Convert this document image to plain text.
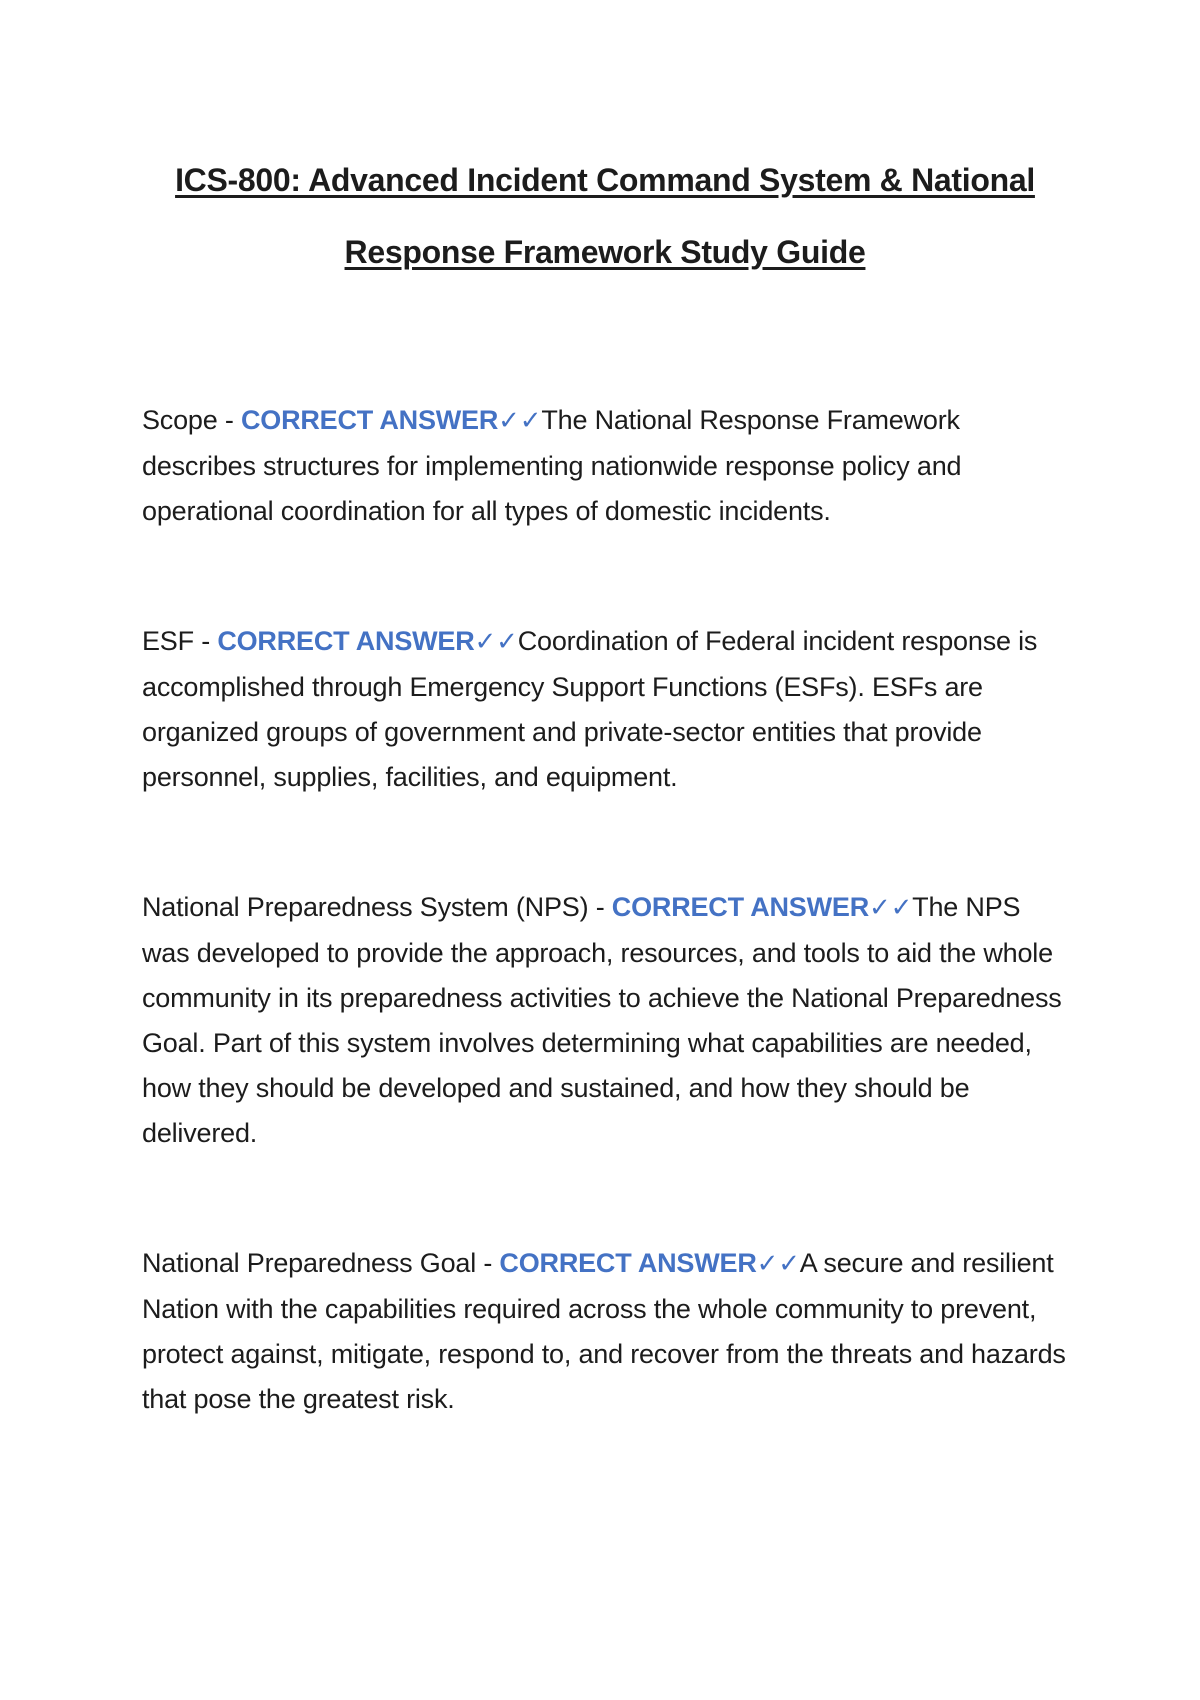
ICS-800: Advanced Incident Command System & National
Response Framework Study Guide

Scope - CORRECT ANSWER✓✓The National Response Framework describes structures for implementing nationwide response policy and operational coordination for all types of domestic incidents.

ESF - CORRECT ANSWER✓✓Coordination of Federal incident response is accomplished through Emergency Support Functions (ESFs). ESFs are organized groups of government and private-sector entities that provide personnel, supplies, facilities, and equipment.

National Preparedness System (NPS) - CORRECT ANSWER✓✓The NPS was developed to provide the approach, resources, and tools to aid the whole community in its preparedness activities to achieve the National Preparedness Goal. Part of this system involves determining what capabilities are needed, how they should be developed and sustained, and how they should be delivered.

National Preparedness Goal - CORRECT ANSWER✓✓A secure and resilient Nation with the capabilities required across the whole community to prevent, protect against, mitigate, respond to, and recover from the threats and hazards that pose the greatest risk.
